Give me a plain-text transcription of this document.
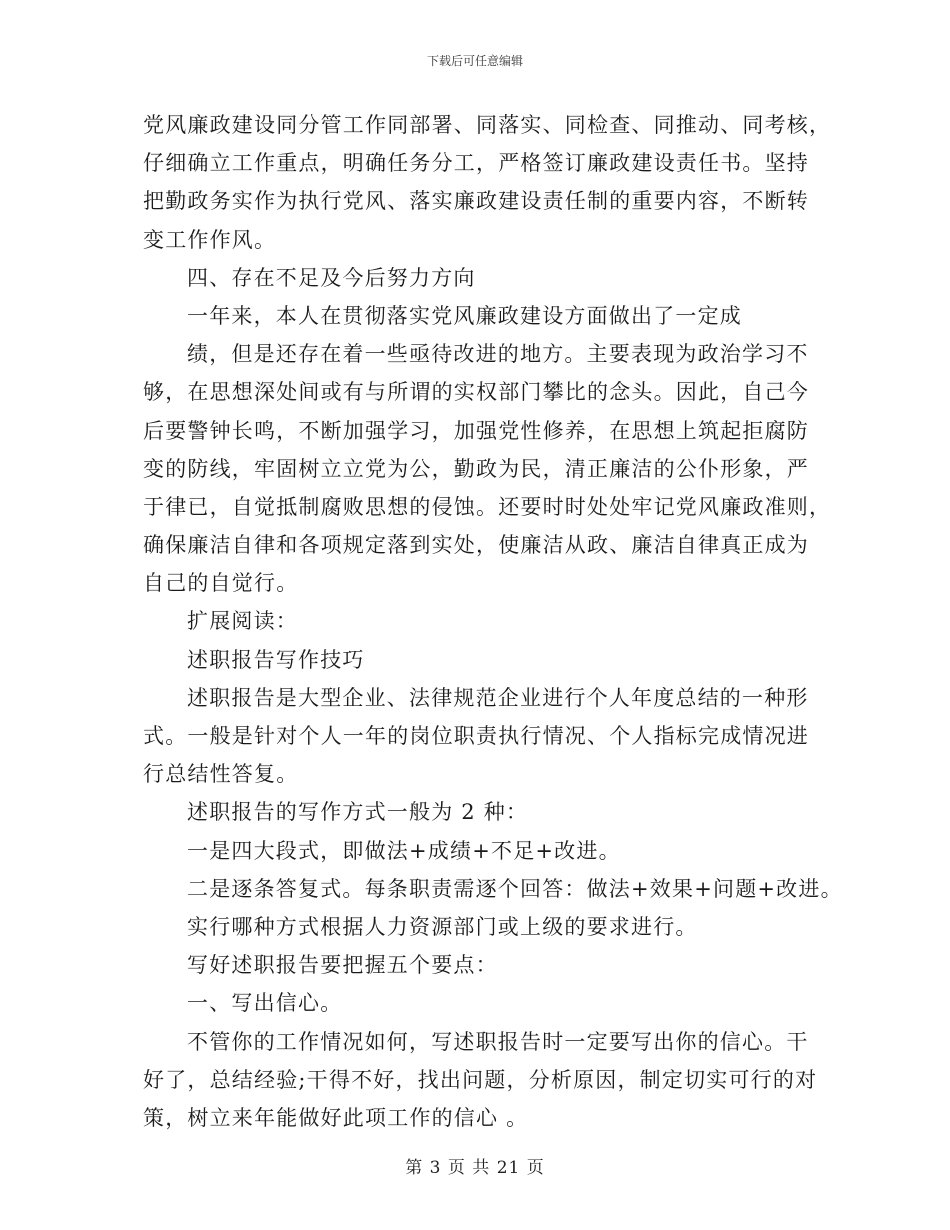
下载后可任意编辑
党风廉政建设同分管工作同部署、同落实、同检查、同推动、同考核，
仔细确立工作重点，明确任务分工，严格签订廉政建设责任书。坚持
把勤政务实作为执行党风、落实廉政建设责任制的重要内容，不断转
变工作作风。
四、存在不足及今后努力方向
一年来，本人在贯彻落实党风廉政建设方面做出了一定成
绩，但是还存在着一些亟待改进的地方。主要表现为政治学习不
够，在思想深处间或有与所谓的实权部门攀比的念头。因此，自己今
后要警钟长鸣，不断加强学习，加强党性修养，在思想上筑起拒腐防
变的防线，牢固树立立党为公，勤政为民，清正廉洁的公仆形象，严
于律已，自觉抵制腐败思想的侵蚀。还要时时处处牢记党风廉政准则，
确保廉洁自律和各项规定落到实处，使廉洁从政、廉洁自律真正成为
自己的自觉行。
扩展阅读：
述职报告写作技巧
述职报告是大型企业、法律规范企业进行个人年度总结的一种形
式。一般是针对个人一年的岗位职责执行情况、个人指标完成情况进
行总结性答复。
述职报告的写作方式一般为 2 种：
一是四大段式，即做法+成绩+不足+改进。
二是逐条答复式。每条职责需逐个回答：做法+效果+问题+改进。
实行哪种方式根据人力资源部门或上级的要求进行。
写好述职报告要把握五个要点：
一、写出信心。
不管你的工作情况如何，写述职报告时一定要写出你的信心。干
好了，总结经验;干得不好，找出问题，分析原因，制定切实可行的对
策，树立来年能做好此项工作的信心 。
第 3 页 共 21 页
